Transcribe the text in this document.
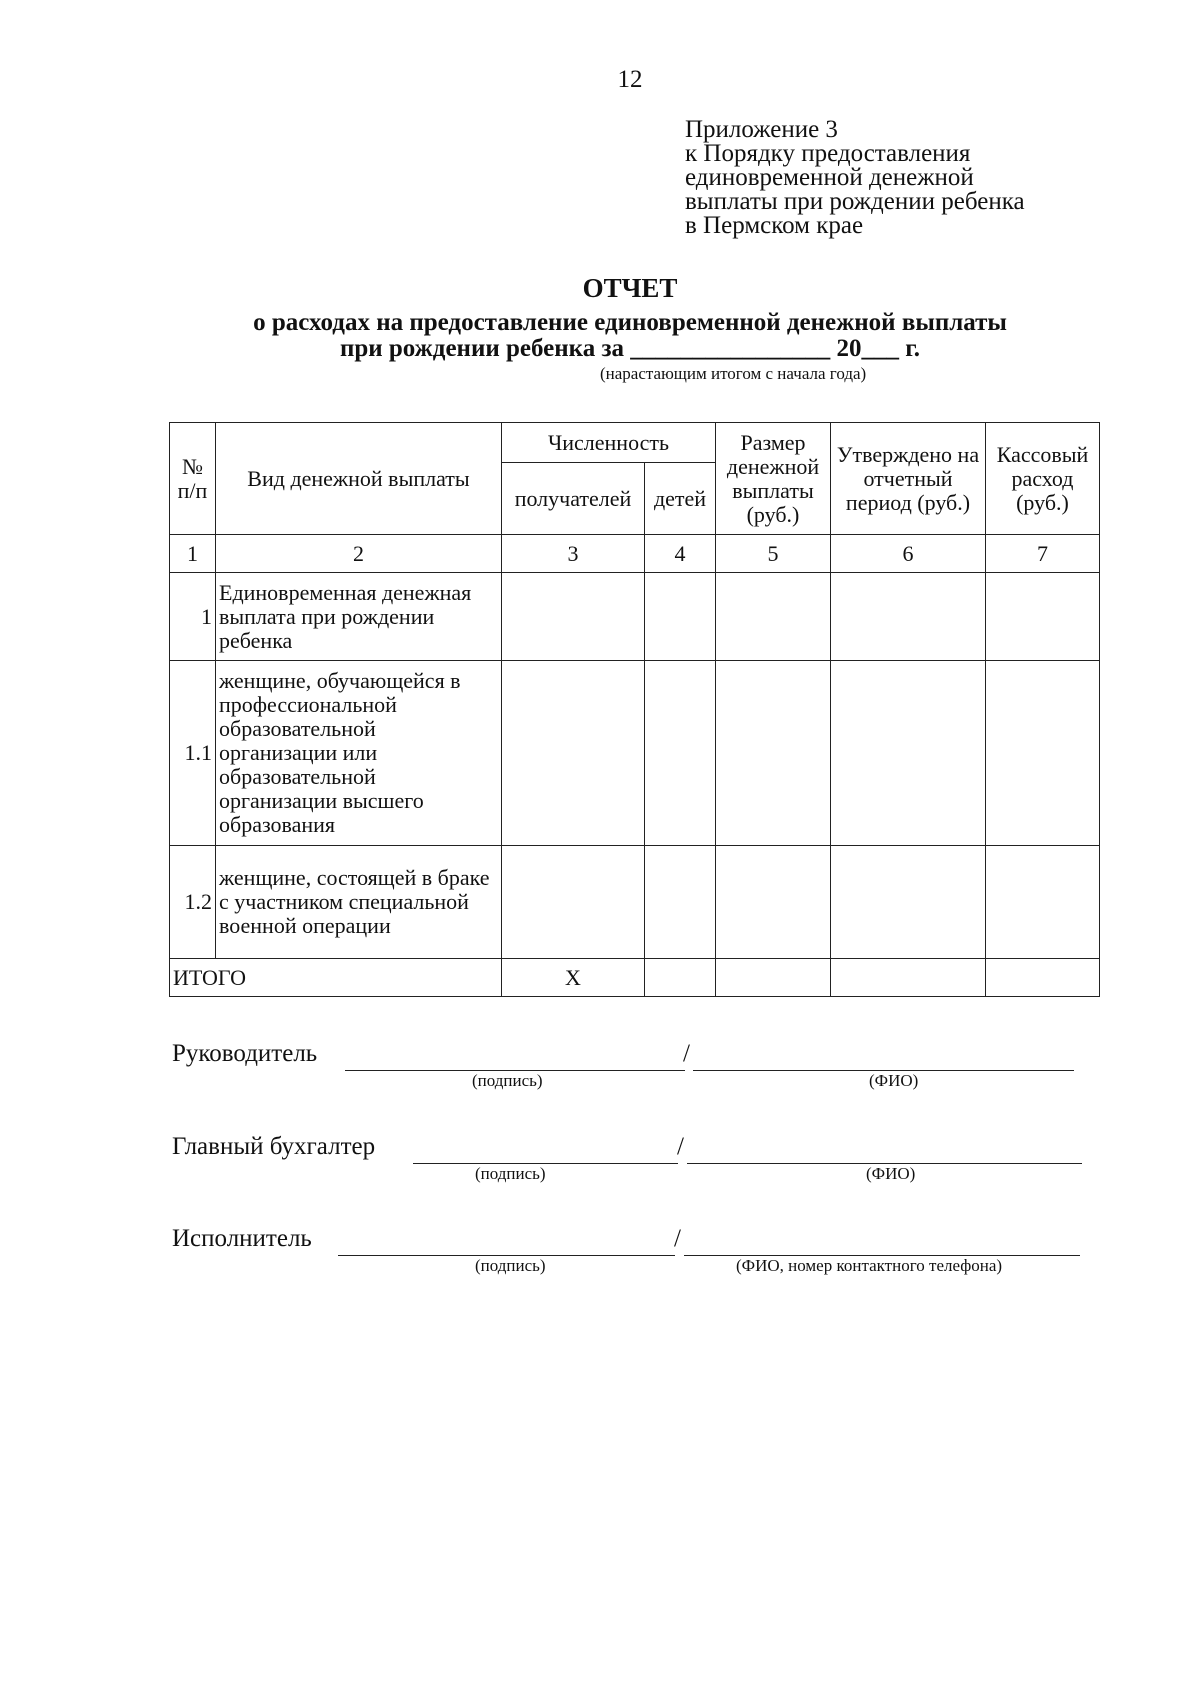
12
Приложение 3
к Порядку предоставления
единовременной денежной
выплаты при рождении ребенка
в Пермском крае
ОТЧЕТ
о расходах на предоставление единовременной денежной выплаты
при рождении ребенка за ________________ 20___ г.
(нарастающим итогом с начала года)
№ п/п	Вид денежной выплаты	Численность		Размер денежной выплаты (руб.)	Утверждено на отчетный период (руб.)	Кассовый расход (руб.)
		получателей	детей			
1	2	3	4	5	6	7
1	Единовременная денежная выплата при рождении ребенка					
1.1	женщине, обучающейся в профессиональной образовательной организации или образовательной организации высшего образования					
1.2	женщине, состоящей в браке с участником специальной военной операции					
ИТОГО		Х				
Руководитель	/
(подпись)	(ФИО)
Главный бухгалтер	/
(подпись)	(ФИО)
Исполнитель	/
(подпись)	(ФИО, номер контактного телефона)
